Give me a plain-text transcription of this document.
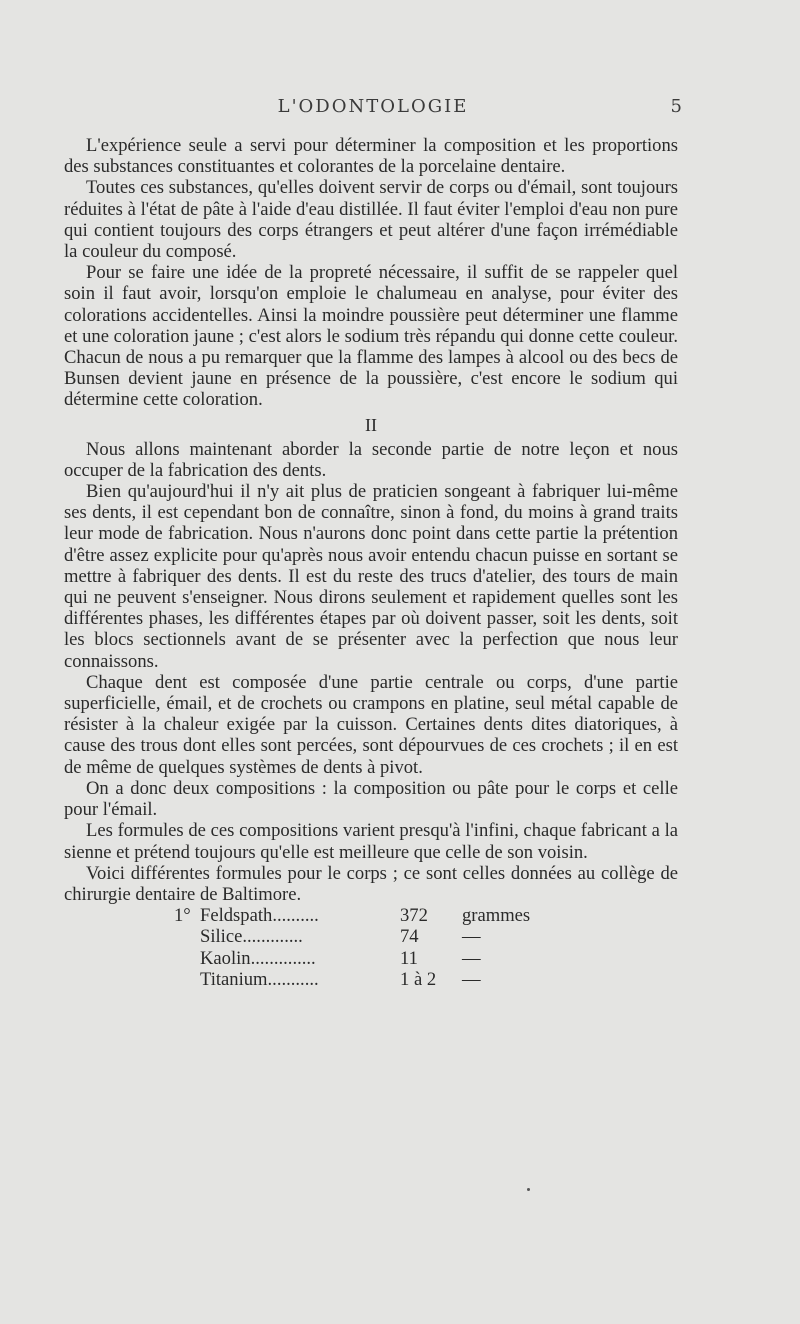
L'ODONTOLOGIE	5

L'expérience seule a servi pour déterminer la composition et les proportions des substances constituantes et colorantes de la porcelaine dentaire.

Toutes ces substances, qu'elles doivent servir de corps ou d'émail, sont toujours réduites à l'état de pâte à l'aide d'eau distillée. Il faut éviter l'emploi d'eau non pure qui contient toujours des corps étrangers et peut altérer d'une façon irrémédiable la couleur du composé.

Pour se faire une idée de la propreté nécessaire, il suffit de se rappeler quel soin il faut avoir, lorsqu'on emploie le chalumeau en analyse, pour éviter des colorations accidentelles. Ainsi la moindre poussière peut déterminer une flamme et une coloration jaune ; c'est alors le sodium très répandu qui donne cette couleur. Chacun de nous a pu remarquer que la flamme des lampes à alcool ou des becs de Bunsen devient jaune en présence de la poussière, c'est encore le sodium qui détermine cette coloration.

II

Nous allons maintenant aborder la seconde partie de notre leçon et nous occuper de la fabrication des dents.

Bien qu'aujourd'hui il n'y ait plus de praticien songeant à fabriquer lui-même ses dents, il est cependant bon de connaître, sinon à fond, du moins à grand traits leur mode de fabrication. Nous n'aurons donc point dans cette partie la prétention d'être assez explicite pour qu'après nous avoir entendu chacun puisse en sortant se mettre à fabriquer des dents. Il est du reste des trucs d'atelier, des tours de main qui ne peuvent s'enseigner. Nous dirons seulement et rapidement quelles sont les différentes phases, les différentes étapes par où doivent passer, soit les dents, soit les blocs sectionnels avant de se présenter avec la perfection que nous leur connaissons.

Chaque dent est composée d'une partie centrale ou corps, d'une partie superficielle, émail, et de crochets ou crampons en platine, seul métal capable de résister à la chaleur exigée par la cuisson. Certaines dents dites diatoriques, à cause des trous dont elles sont percées, sont dépourvues de ces crochets ; il en est de même de quelques systèmes de dents à pivot.

On a donc deux compositions : la composition ou pâte pour le corps et celle pour l'émail.

Les formules de ces compositions varient presqu'à l'infini, chaque fabricant a la sienne et prétend toujours qu'elle est meilleure que celle de son voisin.

Voici différentes formules pour le corps ; ce sont celles données au collège de chirurgie dentaire de Baltimore.

1°	Feldspath..........	372	grammes
	Silice.............	74	—
	Kaolin..............	11	—
	Titanium...........	1 à 2	—
